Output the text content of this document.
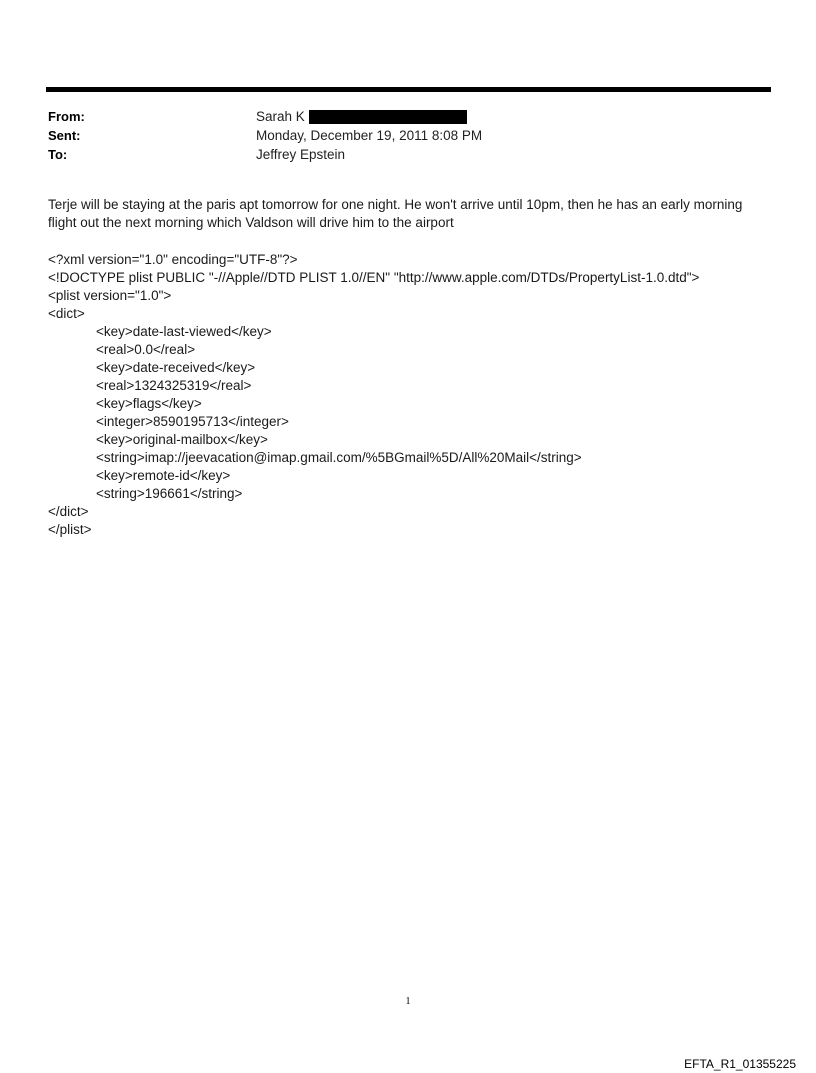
From:	Sarah K
Sent:	Monday, December 19, 2011 8:08 PM
To:	Jeffrey Epstein

Terje will be staying at the paris apt tomorrow for one night. He won't arrive until 10pm, then he has an early morning flight out the next morning which Valdson will drive him to the airport

<?xml version="1.0" encoding="UTF-8"?>
<!DOCTYPE plist PUBLIC "-//Apple//DTD PLIST 1.0//EN" "http://www.apple.com/DTDs/PropertyList-1.0.dtd">
<plist version="1.0">
<dict>
<key>date-last-viewed</key>
<real>0.0</real>
<key>date-received</key>
<real>1324325319</real>
<key>flags</key>
<integer>8590195713</integer>
<key>original-mailbox</key>
<string>imap://jeevacation@imap.gmail.com/%5BGmail%5D/All%20Mail</string>
<key>remote-id</key>
<string>196661</string>
</dict>
</plist>
1
EFTA_R1_01355225
